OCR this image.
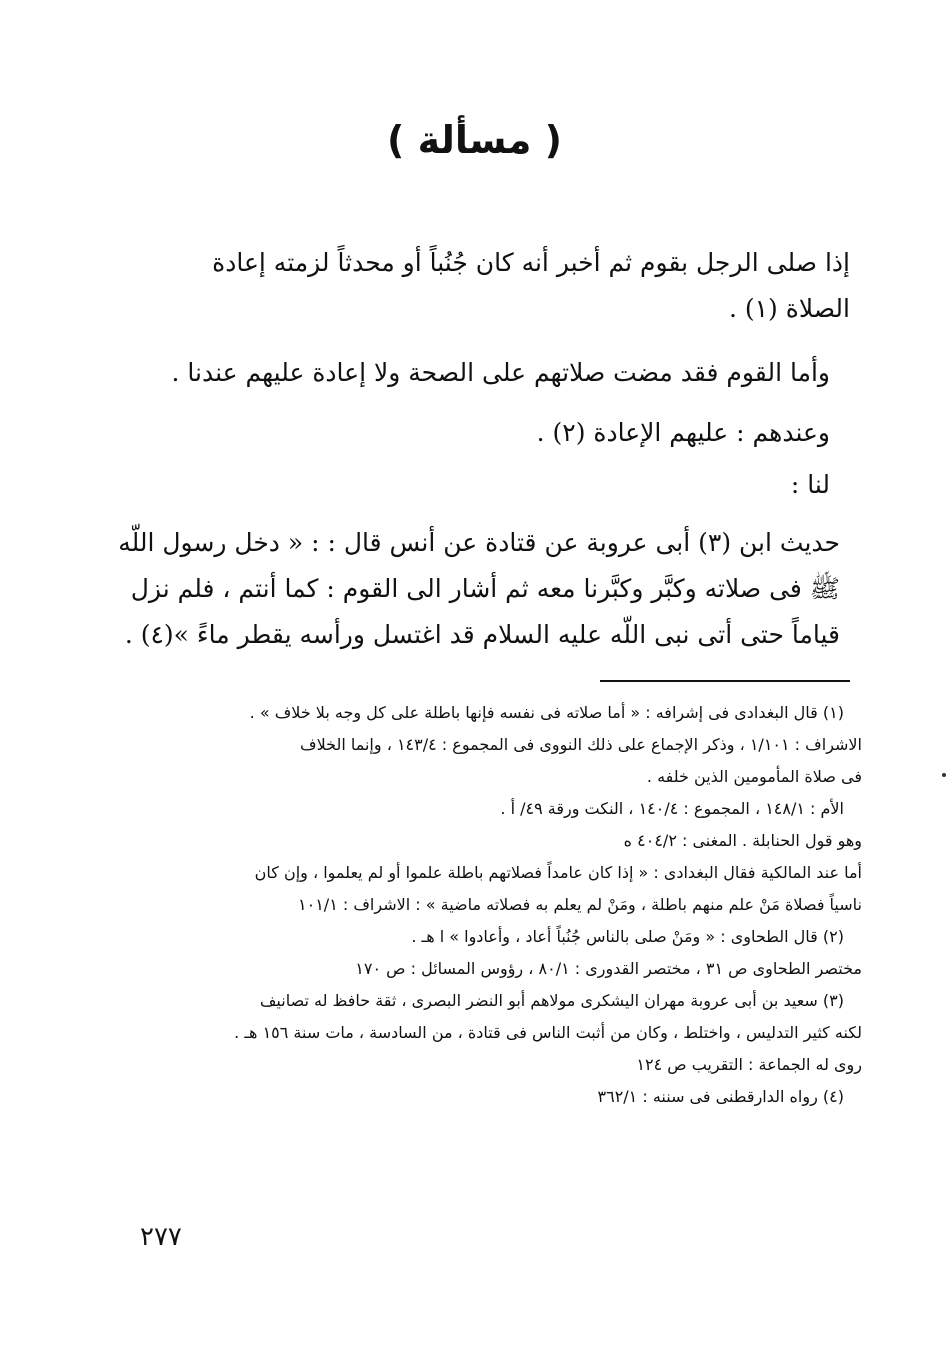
( مسألة )
إذا صلى الرجل بقوم ثم أخبر أنه كان جُنُباً أو محدثاً لزمته إعادة
الصلاة (١) .
وأما القوم فقد مضت صلاتهم على الصحة ولا إعادة عليهم عندنا .
وعندهم : عليهم الإعادة (٢) .
لنا :
حديث ابن (٣) أبى عروبة عن قتادة عن أنس قال : : « دخل رسول اللّه
ﷺ فى صلاته وكبَّر وكبَّرنا معه ثم أشار الى القوم : كما أنتم ، فلم نزل
قياماً حتى أتى نبى اللّه عليه السلام قد اغتسل ورأسه يقطر ماءً »(٤) .
(١) قال البغدادى فى إشرافه : « أما صلاته فى نفسه فإنها باطلة على كل وجه بلا خلاف » .
الاشراف : ١/١٠١ ، وذكر الإجماع على ذلك النووى فى المجموع : ١٤٣/٤ ، وإنما الخلاف
فى صلاة المأمومين الذين خلفه .
الأم : ١٤٨/١ ، المجموع : ١٤٠/٤ ، النكت ورقة ٤٩/ أ .
وهو قول الحنابلة . المغنى : ٤٠٤/٢ ه
أما عند المالكية فقال البغدادى : « إذا كان عامداً فصلاتهم باطلة علموا أو لم يعلموا ، وإن كان
ناسياً فصلاة مَنْ علم منهم باطلة ، ومَنْ لم يعلم به فصلاته ماضية » : الاشراف : ١٠١/١
(٢) قال الطحاوى : « ومَنْ صلى بالناس جُنُباً أعاد ، وأعادوا » ا هـ .
مختصر الطحاوى ص ٣١ ، مختصر القدورى : ٨٠/١ ، رؤوس المسائل : ص ١٧٠
(٣) سعيد بن أبى عروبة مهران اليشكرى مولاهم أبو النضر البصرى ، ثقة حافظ له تصانيف
لكنه كثير التدليس ، واختلط ، وكان من أثبت الناس فى قتادة ، من السادسة ، مات سنة ١٥٦ هـ .
روى له الجماعة : التقريب ص ١٢٤
(٤) رواه الدارقطنى فى سننه : ٣٦٢/١
٢٧٧
